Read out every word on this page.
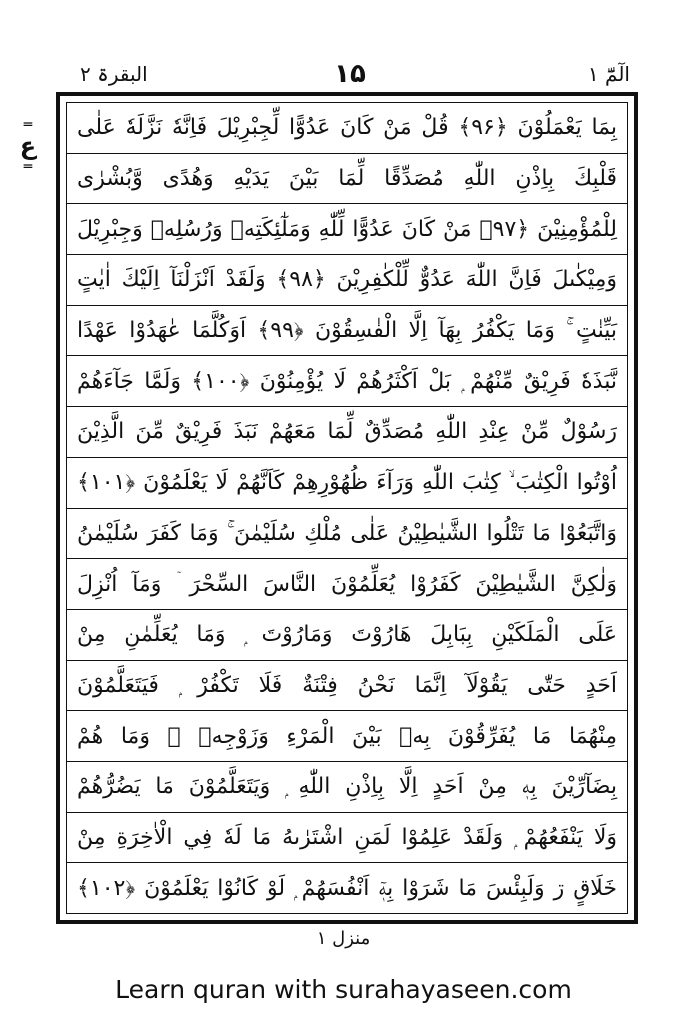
الٓمّٓ ۱
۱۵
البقرۃ ۲
═
ع
═
بِمَا يَعْمَلُوْنَ ﴿۹۶﴾ قُلْ مَنْ كَانَ عَدُوًّا لِّجِبْرِيْلَ فَاِنَّهٗ نَزَّلَهٗ عَلٰى
قَلْبِكَ بِاِذْنِ اللّٰهِ مُصَدِّقًا لِّمَا بَيْنَ يَدَيْهِ وَهُدًى وَّبُشْرٰى
لِلْمُؤْمِنِيْنَ ﴿۹۷﴾ مَنْ كَانَ عَدُوًّا لِّلّٰهِ وَمَلٰٓئِكَتِهٖ وَرُسُلِهٖ وَجِبْرِيْلَ
وَمِيْكٰىلَ فَاِنَّ اللّٰهَ عَدُوٌّ لِّلْكٰفِرِيْنَ ﴿۹۸﴾ وَلَقَدْ اَنْزَلْنَآ اِلَيْكَ اٰيٰتٍ
بَيِّنٰتٍ ۚ وَمَا يَكْفُرُ بِهَآ اِلَّا الْفٰسِقُوْنَ ﴿۹۹﴾ اَوَكُلَّمَا عٰهَدُوْا عَهْدًا
نَّبَذَهٗ فَرِيْقٌ مِّنْهُمْ ۭ بَلْ اَكْثَرُهُمْ لَا يُؤْمِنُوْنَ ﴿۱۰۰﴾ وَلَمَّا جَآءَهُمْ
رَسُوْلٌ مِّنْ عِنْدِ اللّٰهِ مُصَدِّقٌ لِّمَا مَعَهُمْ نَبَذَ فَرِيْقٌ مِّنَ الَّذِيْنَ
اُوْتُوا الْكِتٰبَ ۙ كِتٰبَ اللّٰهِ وَرَآءَ ظُهُوْرِهِمْ كَاَنَّهُمْ لَا يَعْلَمُوْنَ ﴿۱۰۱﴾
وَاتَّبَعُوْا مَا تَتْلُوا الشَّيٰطِيْنُ عَلٰى مُلْكِ سُلَيْمٰنَ ۚ وَمَا كَفَرَ سُلَيْمٰنُ
وَلٰكِنَّ الشَّيٰطِيْنَ كَفَرُوْا يُعَلِّمُوْنَ النَّاسَ السِّحْرَ ۤ وَمَآ اُنْزِلَ
عَلَى الْمَلَكَيْنِ بِبَابِلَ هَارُوْتَ وَمَارُوْتَ ۭ وَمَا يُعَلِّمٰنِ مِنْ
اَحَدٍ حَتّٰى يَقُوْلَآ اِنَّمَا نَحْنُ فِتْنَةٌ فَلَا تَكْفُرْ ۭ فَيَتَعَلَّمُوْنَ
مِنْهُمَا مَا يُفَرِّقُوْنَ بِهٖ بَيْنَ الْمَرْءِ وَزَوْجِهٖ ۭ وَمَا هُمْ
بِضَآرِّيْنَ بِهٖ مِنْ اَحَدٍ اِلَّا بِاِذْنِ اللّٰهِ ۭ وَيَتَعَلَّمُوْنَ مَا يَضُرُّهُمْ
وَلَا يَنْفَعُهُمْ ۭ وَلَقَدْ عَلِمُوْا لَمَنِ اشْتَرٰىهُ مَا لَهٗ فِي الْاٰخِرَةِ مِنْ
خَلَاقٍ ڗ وَلَبِئْسَ مَا شَرَوْا بِهٖٓ اَنْفُسَهُمْ ۭ لَوْ كَانُوْا يَعْلَمُوْنَ ﴿۱۰۲﴾
منزل ۱
Learn quran with surahayaseen.com
